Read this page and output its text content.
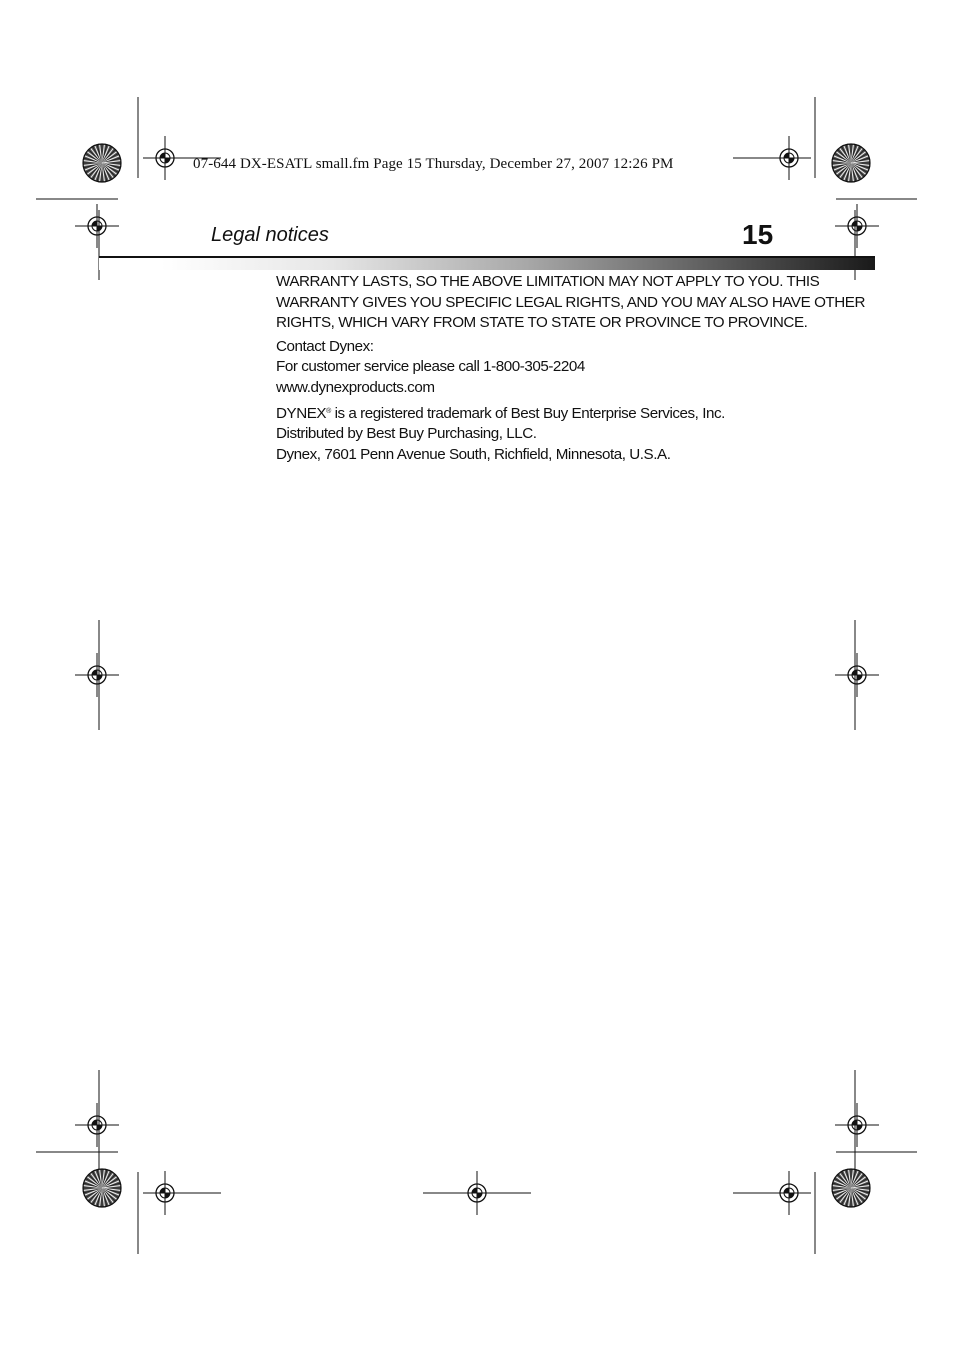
07-644 DX-ESATL small.fm Page 15 Thursday, December 27, 2007 12:26 PM
Legal notices	15
WARRANTY LASTS, SO THE ABOVE LIMITATION MAY NOT APPLY TO YOU. THIS
WARRANTY GIVES YOU SPECIFIC LEGAL RIGHTS, AND YOU MAY ALSO HAVE OTHER
RIGHTS, WHICH VARY FROM STATE TO STATE OR PROVINCE TO PROVINCE.
Contact Dynex:
For customer service please call 1-800-305-2204
www.dynexproducts.com
DYNEX® is a registered trademark of Best Buy Enterprise Services, Inc.
Distributed by Best Buy Purchasing, LLC.
Dynex, 7601 Penn Avenue South, Richfield, Minnesota, U.S.A.
